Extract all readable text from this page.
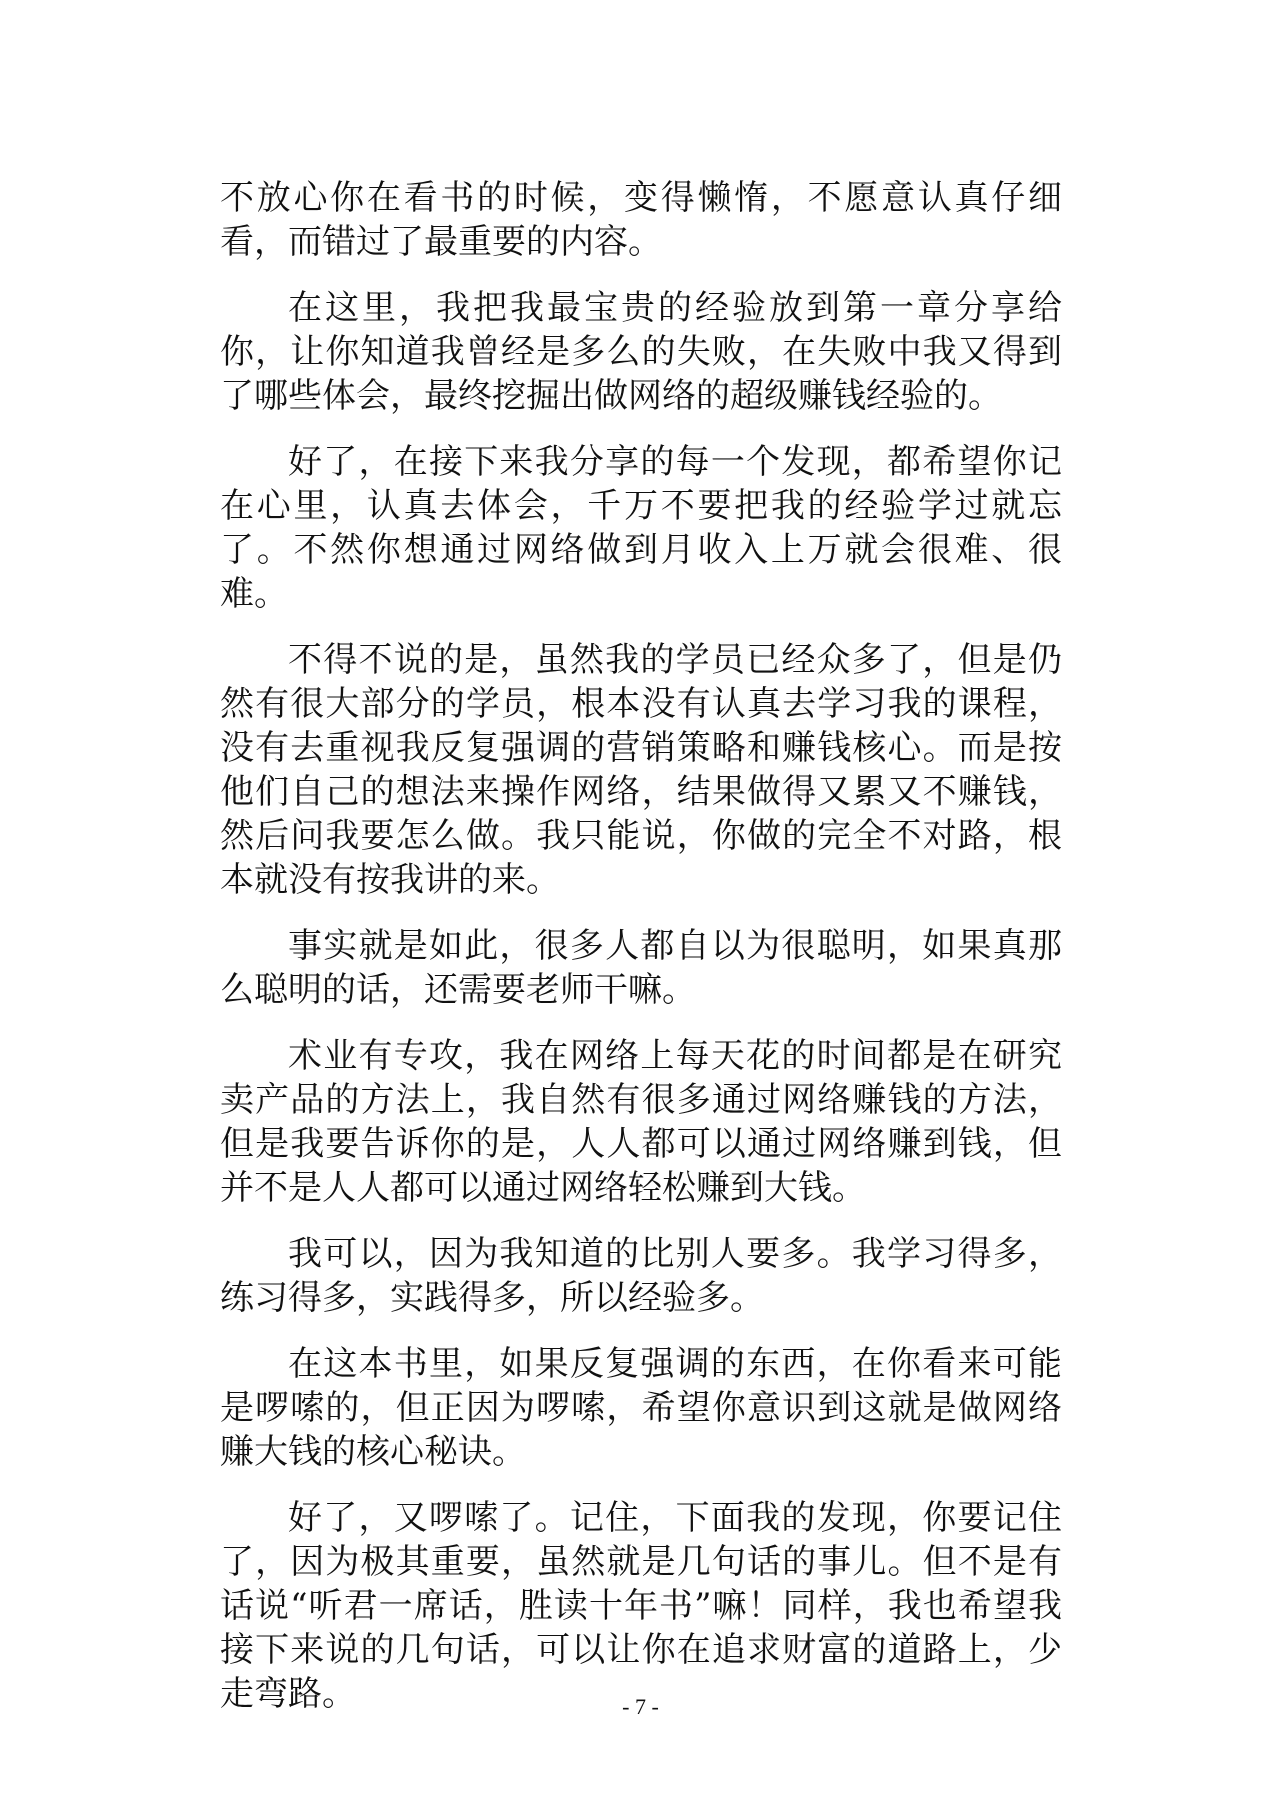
不放心你在看书的时候，变得懒惰，不愿意认真仔细看，而错过了最重要的内容。

在这里，我把我最宝贵的经验放到第一章分享给你，让你知道我曾经是多么的失败，在失败中我又得到了哪些体会，最终挖掘出做网络的超级赚钱经验的。

好了，在接下来我分享的每一个发现，都希望你记在心里，认真去体会，千万不要把我的经验学过就忘了。不然你想通过网络做到月收入上万就会很难、很难。

不得不说的是，虽然我的学员已经众多了，但是仍然有很大部分的学员，根本没有认真去学习我的课程，没有去重视我反复强调的营销策略和赚钱核心。而是按他们自己的想法来操作网络，结果做得又累又不赚钱，然后问我要怎么做。我只能说，你做的完全不对路，根本就没有按我讲的来。

事实就是如此，很多人都自以为很聪明，如果真那么聪明的话，还需要老师干嘛。

术业有专攻，我在网络上每天花的时间都是在研究卖产品的方法上，我自然有很多通过网络赚钱的方法，但是我要告诉你的是，人人都可以通过网络赚到钱，但并不是人人都可以通过网络轻松赚到大钱。

我可以，因为我知道的比别人要多。我学习得多，练习得多，实践得多，所以经验多。

在这本书里，如果反复强调的东西，在你看来可能是啰嗦的，但正因为啰嗦，希望你意识到这就是做网络赚大钱的核心秘诀。

好了，又啰嗦了。记住，下面我的发现，你要记住了，因为极其重要，虽然就是几句话的事儿。但不是有话说“听君一席话，胜读十年书”嘛！同样，我也希望我接下来说的几句话，可以让你在追求财富的道路上，少走弯路。	- 7 -
